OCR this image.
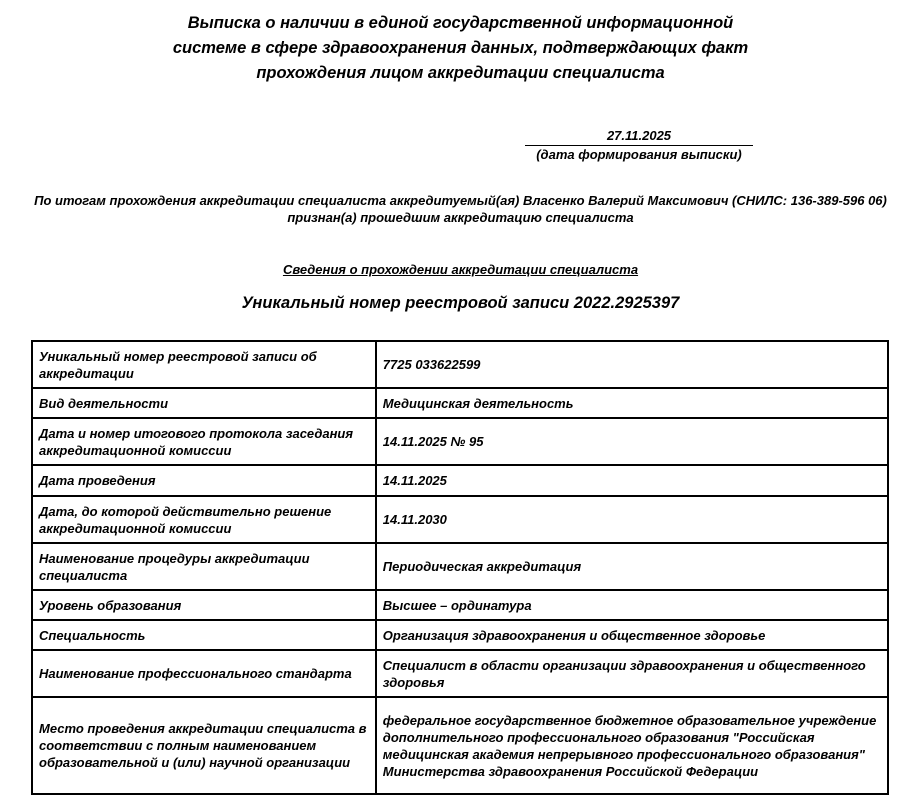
Выписка о наличии в единой государственной информационной
системе в сфере здравоохранения данных, подтверждающих факт
прохождения лицом аккредитации специалиста
27.11.2025
(дата формирования выписки)
По итогам прохождения аккредитации специалиста аккредитуемый(ая) Власенко Валерий Максимович (СНИЛС: 136-389-596 06) признан(а) прошедшим аккредитацию специалиста
Сведения о прохождении аккредитации специалиста
Уникальный номер реестровой записи 2022.2925397
Уникальный номер реестровой записи об аккредитации	7725 033622599
Вид деятельности	Медицинская деятельность
Дата и номер итогового протокола заседания аккредитационной комиссии	14.11.2025 № 95
Дата проведения	14.11.2025
Дата, до которой действительно решение аккредитационной комиссии	14.11.2030
Наименование процедуры аккредитации специалиста	Периодическая аккредитация
Уровень образования	Высшее – ординатура
Специальность	Организация здравоохранения и общественное здоровье
Наименование профессионального стандарта	Специалист в области организации здравоохранения и общественного здоровья
Место проведения аккредитации специалиста в соответствии с полным наименованием образовательной и (или) научной организации	федеральное государственное бюджетное образовательное учреждение дополнительного профессионального образования "Российская медицинская академия непрерывного профессионального образования" Министерства здравоохранения Российской Федерации
